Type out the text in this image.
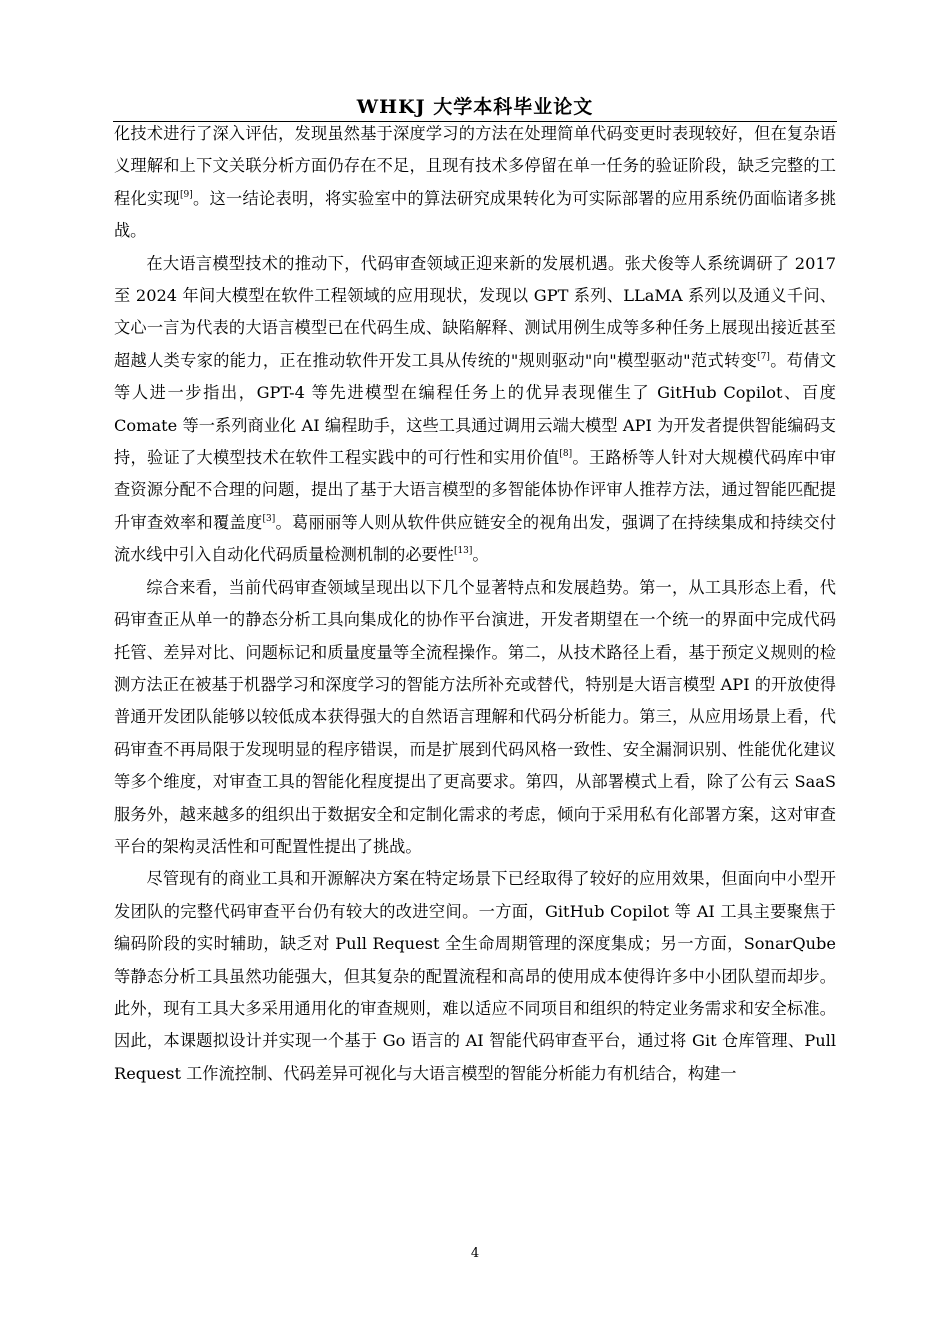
WHKJ 大学本科毕业论文

化技术进行了深入评估，发现虽然基于深度学习的方法在处理简单代码变更时表现较好，但在复杂语义理解和上下文关联分析方面仍存在不足，且现有技术多停留在单一任务的验证阶段，缺乏完整的工程化实现[9]。这一结论表明，将实验室中的算法研究成果转化为可实际部署的应用系统仍面临诸多挑战。

在大语言模型技术的推动下，代码审查领域正迎来新的发展机遇。张犬俊等人系统调研了 2017 至 2024 年间大模型在软件工程领域的应用现状，发现以 GPT 系列、LLaMA 系列以及通义千问、文心一言为代表的大语言模型已在代码生成、缺陷解释、测试用例生成等多种任务上展现出接近甚至超越人类专家的能力，正在推动软件开发工具从传统的"规则驱动"向"模型驱动"范式转变[7]。苟倩文等人进一步指出，GPT-4 等先进模型在编程任务上的优异表现催生了 GitHub Copilot、百度 Comate 等一系列商业化 AI 编程助手，这些工具通过调用云端大模型 API 为开发者提供智能编码支持，验证了大模型技术在软件工程实践中的可行性和实用价值[8]。王路桥等人针对大规模代码库中审查资源分配不合理的问题，提出了基于大语言模型的多智能体协作评审人推荐方法，通过智能匹配提升审查效率和覆盖度[3]。葛丽丽等人则从软件供应链安全的视角出发，强调了在持续集成和持续交付流水线中引入自动化代码质量检测机制的必要性[13]。

综合来看，当前代码审查领域呈现出以下几个显著特点和发展趋势。第一，从工具形态上看，代码审查正从单一的静态分析工具向集成化的协作平台演进，开发者期望在一个统一的界面中完成代码托管、差异对比、问题标记和质量度量等全流程操作。第二，从技术路径上看，基于预定义规则的检测方法正在被基于机器学习和深度学习的智能方法所补充或替代，特别是大语言模型 API 的开放使得普通开发团队能够以较低成本获得强大的自然语言理解和代码分析能力。第三，从应用场景上看，代码审查不再局限于发现明显的程序错误，而是扩展到代码风格一致性、安全漏洞识别、性能优化建议等多个维度，对审查工具的智能化程度提出了更高要求。第四，从部署模式上看，除了公有云 SaaS 服务外，越来越多的组织出于数据安全和定制化需求的考虑，倾向于采用私有化部署方案，这对审查平台的架构灵活性和可配置性提出了挑战。

尽管现有的商业工具和开源解决方案在特定场景下已经取得了较好的应用效果，但面向中小型开发团队的完整代码审查平台仍有较大的改进空间。一方面，GitHub Copilot 等 AI 工具主要聚焦于编码阶段的实时辅助，缺乏对 Pull Request 全生命周期管理的深度集成；另一方面，SonarQube 等静态分析工具虽然功能强大，但其复杂的配置流程和高昂的使用成本使得许多中小团队望而却步。此外，现有工具大多采用通用化的审查规则，难以适应不同项目和组织的特定业务需求和安全标准。因此，本课题拟设计并实现一个基于 Go 语言的 AI 智能代码审查平台，通过将 Git 仓库管理、Pull Request 工作流控制、代码差异可视化与大语言模型的智能分析能力有机结合，构建一

4
